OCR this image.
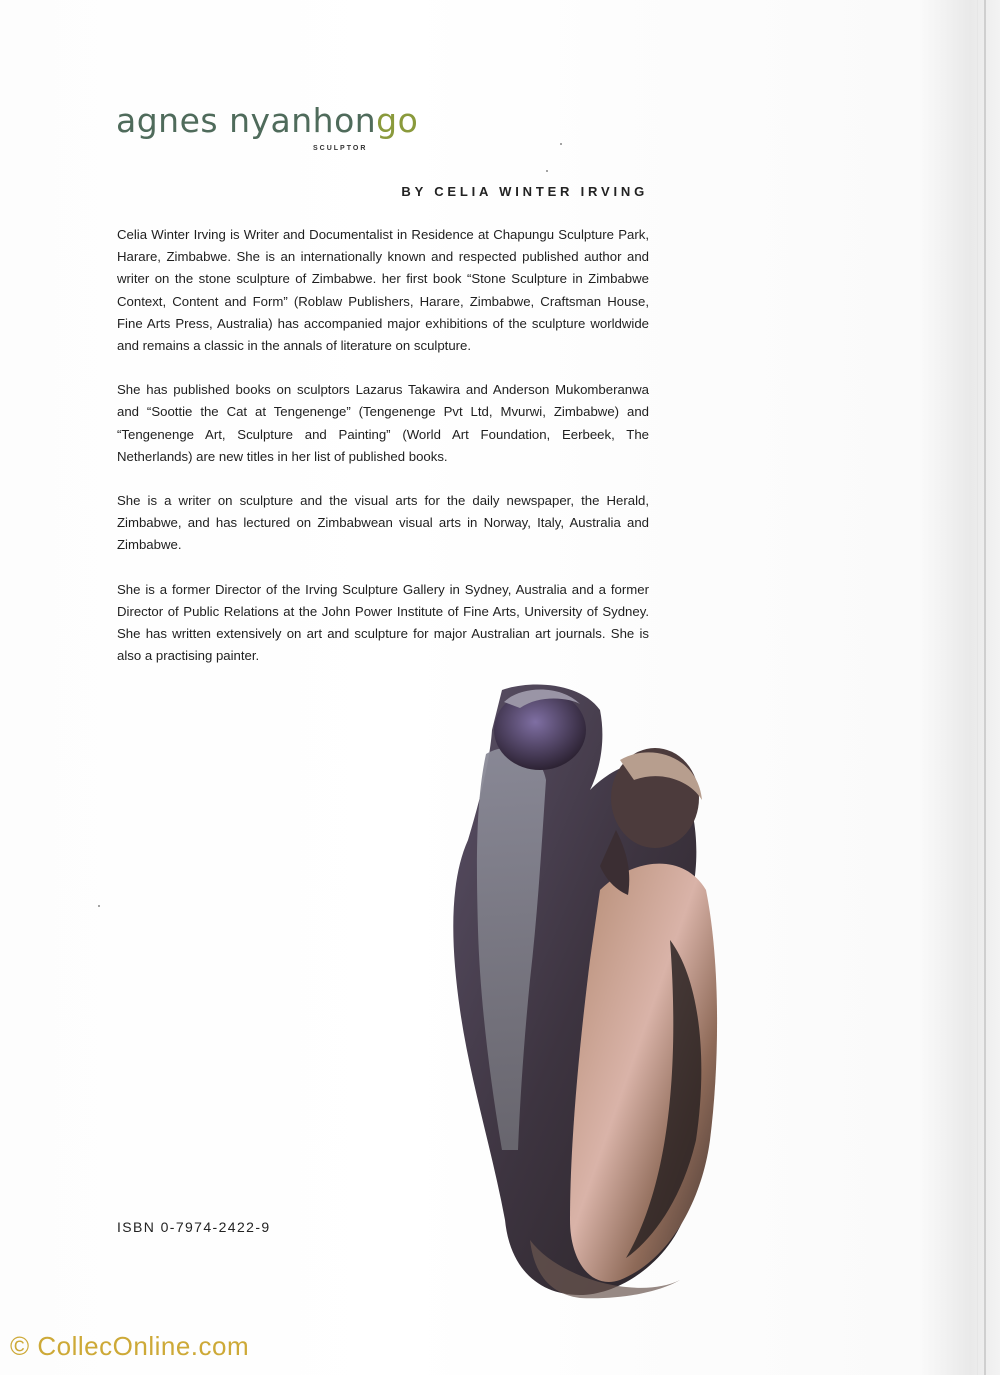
agnes nyanhongo
SCULPTOR
BY CELIA WINTER IRVING

Celia Winter Irving is Writer and Documentalist in Residence at Chapungu Sculpture Park, Harare, Zimbabwe. She is an internationally known and respected published author and writer on the stone sculpture of Zimbabwe. her first book “Stone Sculpture in Zimbabwe Context, Content and Form” (Roblaw Publishers, Harare, Zimbabwe, Craftsman House, Fine Arts Press, Australia) has accompanied major exhibitions of the sculpture worldwide and remains a classic in the annals of literature on sculpture.

She has published books on sculptors Lazarus Takawira and Anderson Mukomberanwa and “Soottie the Cat at Tengenenge” (Tengenenge Pvt Ltd, Mvurwi, Zimbabwe) and “Tengenenge Art, Sculpture and Painting” (World Art Foundation, Eerbeek, The Netherlands) are new titles in her list of published books.

She is a writer on sculpture and the visual arts for the daily newspaper, the Herald, Zimbabwe, and has lectured on Zimbabwean visual arts in Norway, Italy, Australia and Zimbabwe.

She is a former Director of the Irving Sculpture Gallery in Sydney, Australia and a former Director of Public Relations at the John Power Institute of Fine Arts, University of Sydney. She has written extensively on art and sculpture for major Australian art journals. She is also a practising painter.

ISBN 0-7974-2422-9
© CollecOnline.com
